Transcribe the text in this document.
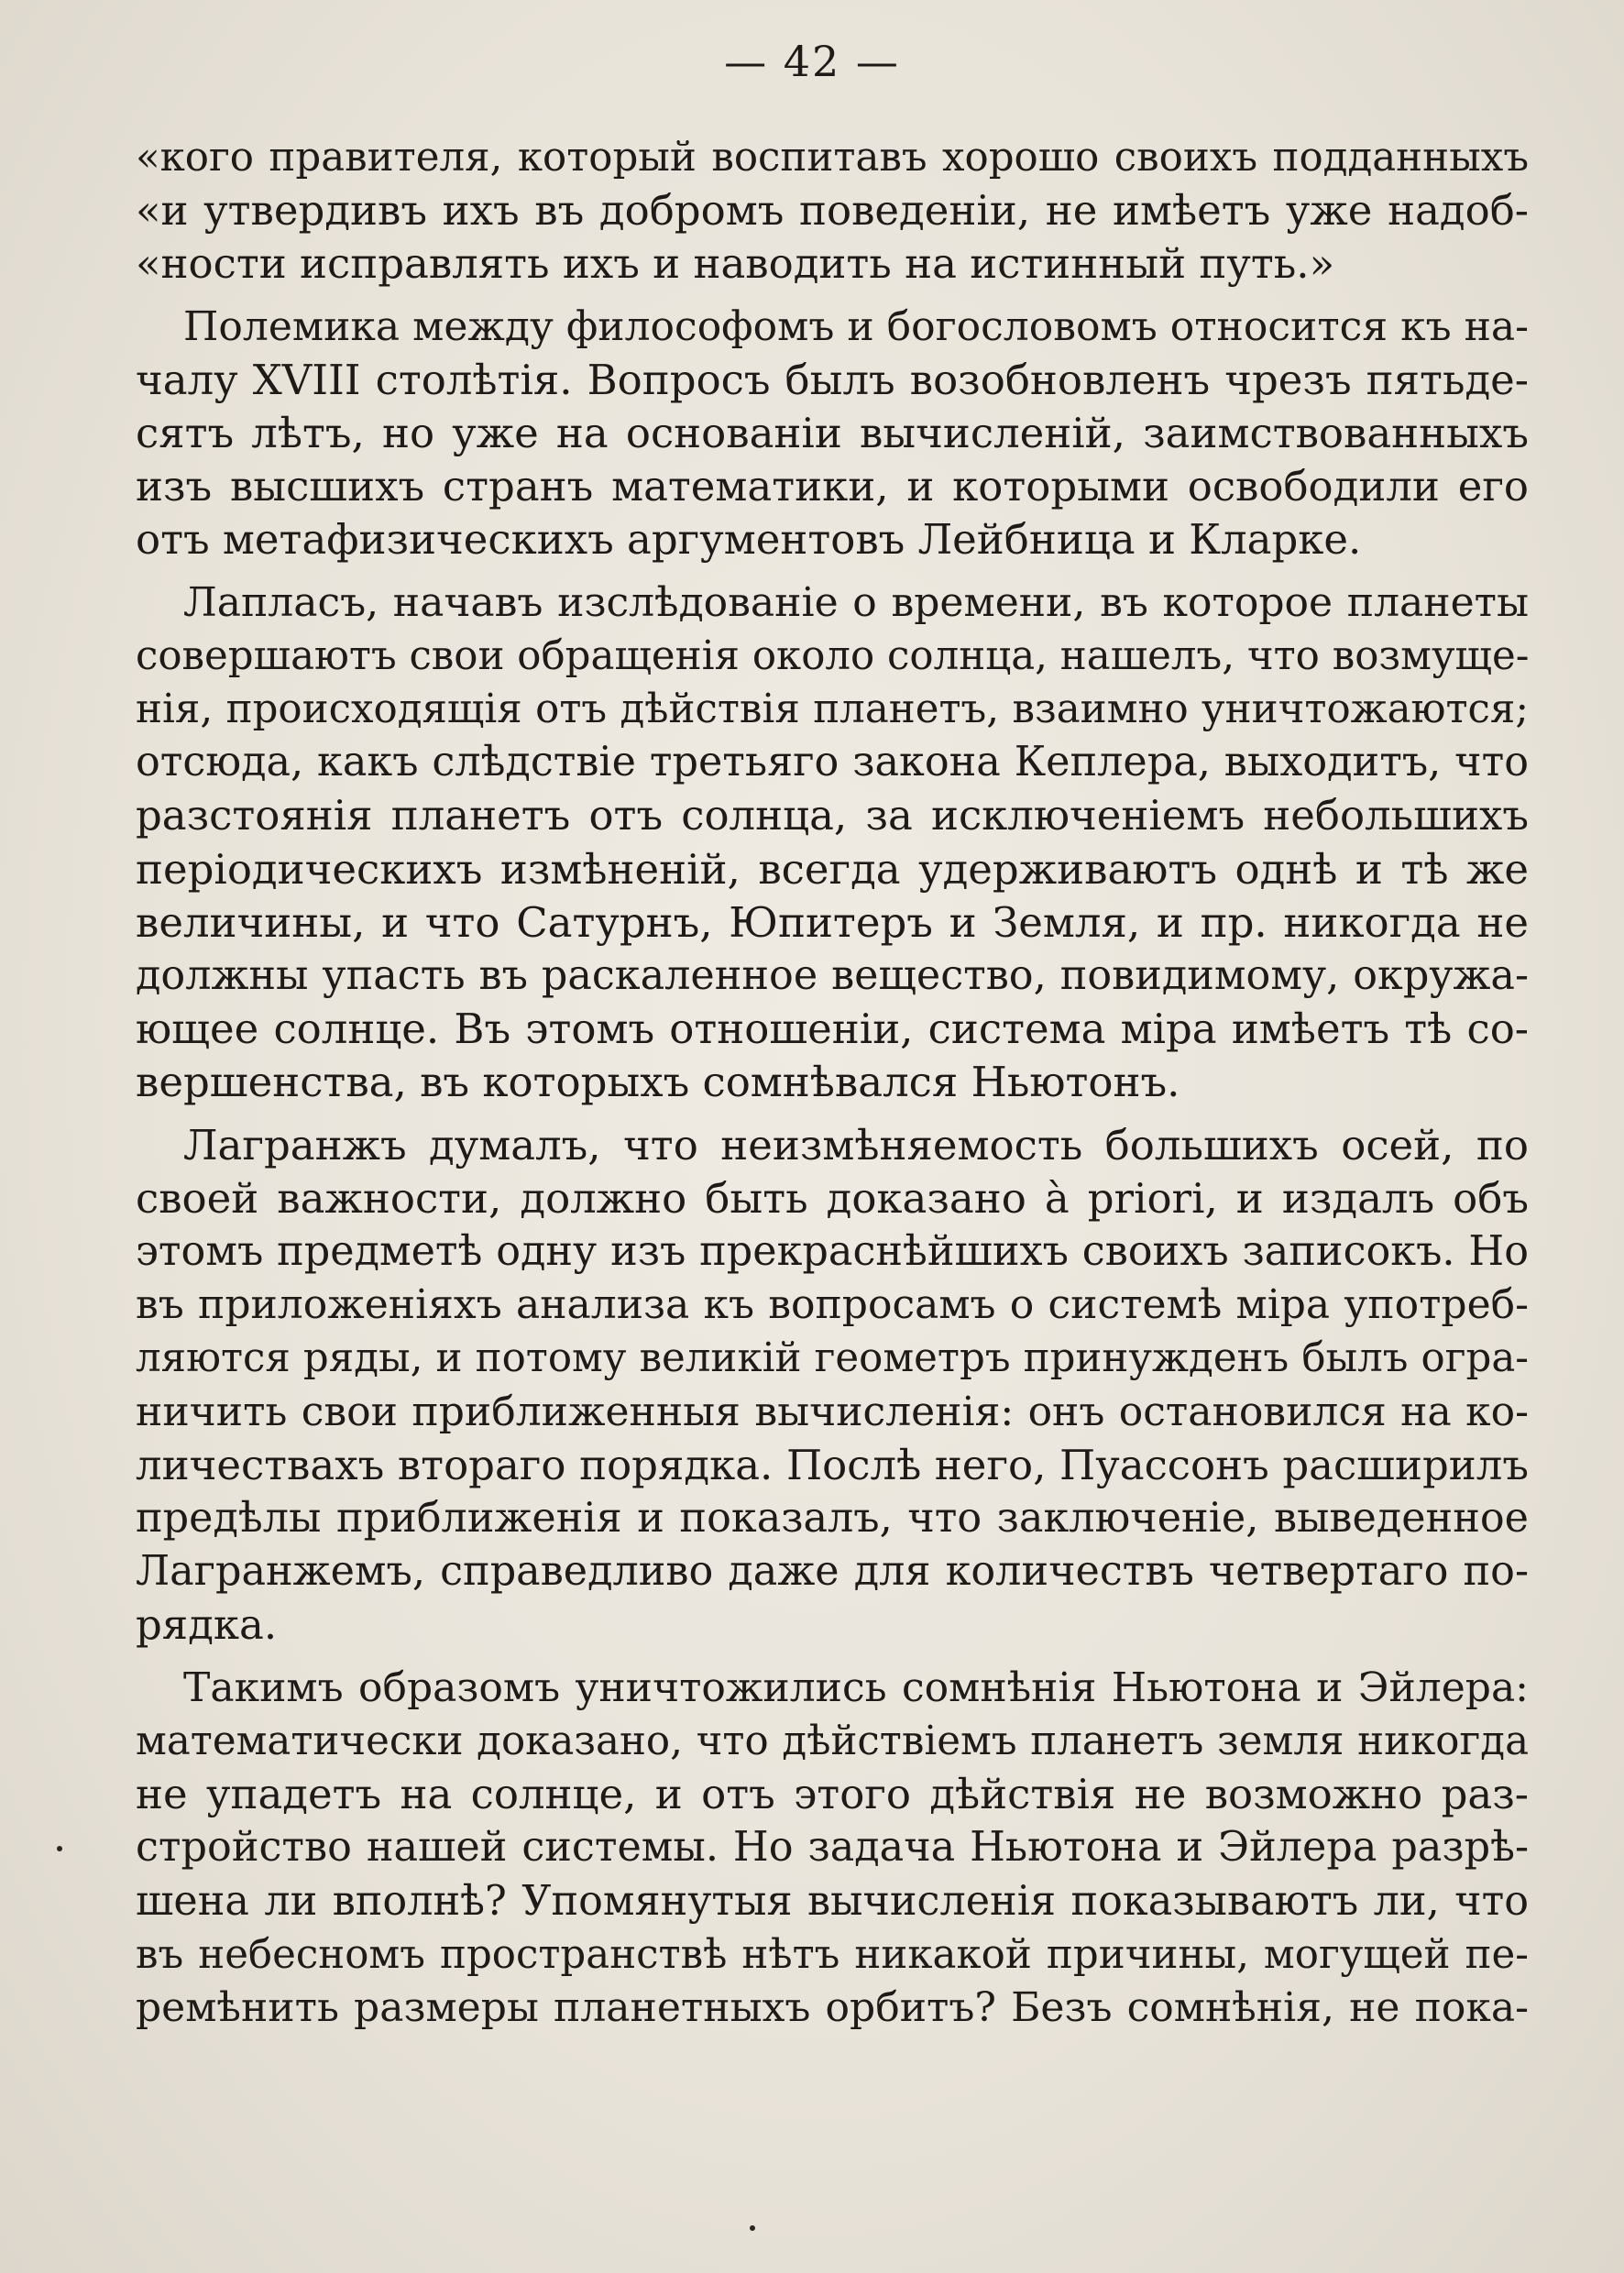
— 42 —
«кого правителя, который воспитавъ хорошо своихъ подданныхъ
«и утвердивъ ихъ въ добромъ поведеніи, не имѣетъ уже надоб-
«ности исправлять ихъ и наводить на истинный путь.»
Полемика между философомъ и богословомъ относится къ на-
чалу XVIII столѣтія. Вопросъ былъ возобновленъ чрезъ пятьде-
сятъ лѣтъ, но уже на основаніи вычисленій, заимствованныхъ
изъ высшихъ странъ математики, и которыми освободили его
отъ метафизическихъ аргументовъ Лейбница и Кларке.
Лапласъ, начавъ изслѣдованіе о времени, въ которое планеты
совершаютъ свои обращенія около солнца, нашелъ, что возмуще-
нія, происходящія отъ дѣйствія планетъ, взаимно уничтожаются;
отсюда, какъ слѣдствіе третьяго закона Кеплера, выходитъ, что
разстоянія планетъ отъ солнца, за исключеніемъ небольшихъ
періодическихъ измѣненій, всегда удерживаютъ однѣ и тѣ же
величины, и что Сатурнъ, Юпитеръ и Земля, и пр. никогда не
должны упасть въ раскаленное вещество, повидимому, окружа-
ющее солнце. Въ этомъ отношеніи, система міра имѣетъ тѣ со-
вершенства, въ которыхъ сомнѣвался Ньютонъ.
Лагранжъ думалъ, что неизмѣняемость большихъ осей, по
своей важности, должно быть доказано à priori, и издалъ объ
этомъ предметѣ одну изъ прекраснѣйшихъ своихъ записокъ. Но
въ приложеніяхъ анализа къ вопросамъ о системѣ міра употреб-
ляются ряды, и потому великій геометръ принужденъ былъ огра-
ничить свои приближенныя вычисленія: онъ остановился на ко-
личествахъ втораго порядка. Послѣ него, Пуассонъ расширилъ
предѣлы приближенія и показалъ, что заключеніе, выведенное
Лагранжемъ, справедливо даже для количествъ четвертаго по-
рядка.
Такимъ образомъ уничтожились сомнѣнія Ньютона и Эйлера:
математически доказано, что дѣйствіемъ планетъ земля никогда
не упадетъ на солнце, и отъ этого дѣйствія не возможно раз-
стройство нашей системы. Но задача Ньютона и Эйлера разрѣ-
шена ли вполнѣ? Упомянутыя вычисленія показываютъ ли, что
въ небесномъ пространствѣ нѣтъ никакой причины, могущей пе-
ремѣнить размеры планетныхъ орбитъ? Безъ сомнѣнія, не пока-
